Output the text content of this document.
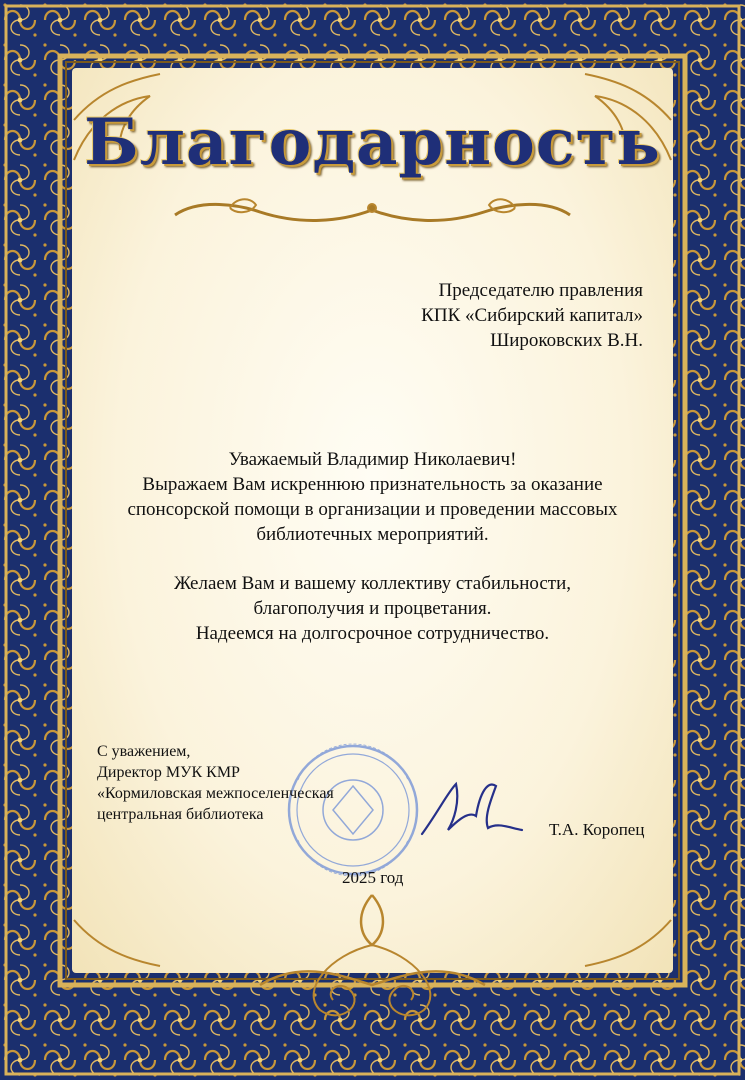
Благодарность
Председателю правления
КПК «Сибирский капитал»
Широковских В.Н.

Уважаемый Владимир Николаевич!

Выражаем Вам искреннюю признательность за оказание

спонсорской помощи в организации и проведении массовых

библиотечных мероприятий.

Желаем Вам и вашему коллективу стабильности,

благополучия и процветания.

Надеемся на долгосрочное сотрудничество.

С уважением,
Директор МУК КМР
«Кормиловская межпоселенческая
центральная библиотека
Т.А. Коропец
2025 год
